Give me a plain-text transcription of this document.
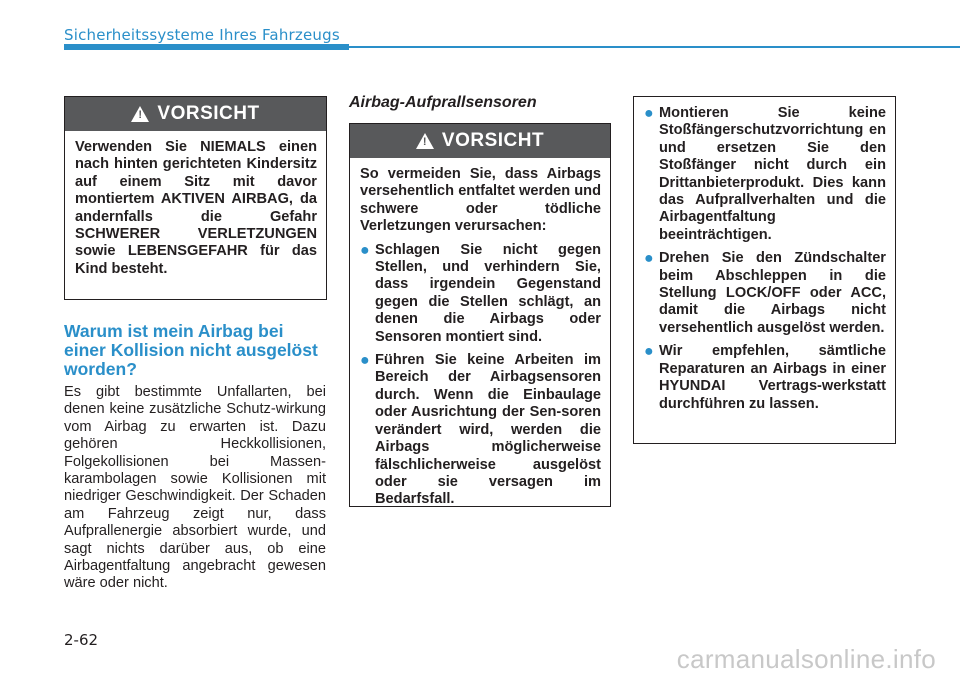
Sicherheitssysteme Ihres Fahrzeugs
! VORSICHT

Verwenden Sie NIEMALS einen nach hinten gerichteten Kindersitz auf einem Sitz mit davor montiertem AKTIVEN AIRBAG, da andernfalls die Gefahr SCHWERER VERLETZUNGEN sowie LEBENSGEFAHR für das Kind besteht.

Warum ist mein Airbag bei einer Kollision nicht ausgelöst worden?
Es gibt bestimmte Unfallarten, bei denen keine zusätzliche Schutz-wirkung vom Airbag zu erwarten ist. Dazu gehören Heckkollisionen, Folgekollisionen bei Massen-karambolagen sowie Kollisionen mit niedriger Geschwindigkeit. Der Schaden am Fahrzeug zeigt nur, dass Aufprallenergie absorbiert wurde, und sagt nichts darüber aus, ob eine Airbagentfaltung angebracht gewesen wäre oder nicht.
Airbag-Aufprallsensoren
! VORSICHT

So vermeiden Sie, dass Airbags versehentlich entfaltet werden und schwere oder tödliche Verletzungen verursachen:

● Schlagen Sie nicht gegen Stellen, und verhindern Sie, dass irgendein Gegenstand gegen die Stellen schlägt, an denen die Airbags oder Sensoren montiert sind.
● Führen Sie keine Arbeiten im Bereich der Airbagsensoren durch. Wenn die Einbaulage oder Ausrichtung der Sen-soren verändert wird, werden die Airbags möglicherweise fälschlicherweise ausgelöst oder sie versagen im Bedarfsfall.
● Montieren Sie keine Stoßfängerschutzvorrichtung en und ersetzen Sie den Stoßfänger nicht durch ein Drittanbieterprodukt. Dies kann das Aufprallverhalten und die Airbagentfaltung beeinträchtigen.
● Drehen Sie den Zündschalter beim Abschleppen in die Stellung LOCK/OFF oder ACC, damit die Airbags nicht versehentlich ausgelöst werden.
● Wir empfehlen, sämtliche Reparaturen an Airbags in einer HYUNDAI Vertrags-werkstatt durchführen zu lassen.
2-62
carmanualsonline.info
